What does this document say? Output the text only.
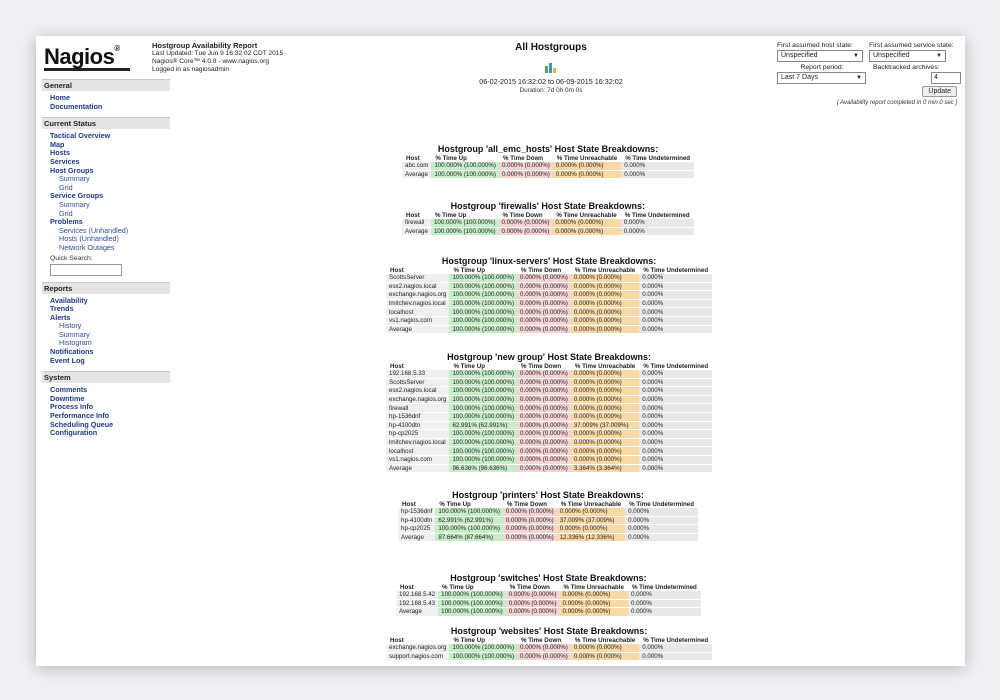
Nagios®
General
Home
Documentation
Current Status
Tactical Overview
Map
Hosts
Services
Host Groups
Summary
Grid
Service Groups
Summary
Grid
Problems
Services (Unhandled)
Hosts (Unhandled)
Network Outages
Quick Search:
Reports
Availability
Trends
Alerts
History
Summary
Histogram
Notifications
Event Log
System
Comments
Downtime
Process Info
Performance Info
Scheduling Queue
Configuration
Hostgroup Availability Report
Last Updated: Tue Jun 9 16:32:02 CDT 2015
Nagios® Core™ 4.0.8 - www.nagios.org
Logged in as nagiosadmin
All Hostgroups
06-02-2015 16:32:02 to 06-09-2015 16:32:02
Duration: 7d 0h 0m 0s
First assumed host state:
Unspecified	▼
First assumed service state:
Unspecified	▼
Report period:
Last 7 Days	▼
Backtracked archives:
4
Update
[ Availability report completed in 0 min 0 sec ]
Hostgroup 'all_emc_hosts' Host State Breakdowns:
Host	% Time Up	% Time Down	% Time Unreachable	% Time Undetermined
abc.com	100.000% (100.000%)	0.000% (0.000%)	0.000% (0.000%)	0.000%
Average	100.000% (100.000%)	0.000% (0.000%)	0.000% (0.000%)	0.000%
Hostgroup 'firewalls' Host State Breakdowns:
Host	% Time Up	% Time Down	% Time Unreachable	% Time Undetermined
firewall	100.000% (100.000%)	0.000% (0.000%)	0.000% (0.000%)	0.000%
Average	100.000% (100.000%)	0.000% (0.000%)	0.000% (0.000%)	0.000%
Hostgroup 'linux-servers' Host State Breakdowns:
Host	% Time Up	% Time Down	% Time Unreachable	% Time Undetermined
ScottsServer	100.000% (100.000%)	0.000% (0.000%)	0.000% (0.000%)	0.000%
esx2.nagios.local	100.000% (100.000%)	0.000% (0.000%)	0.000% (0.000%)	0.000%
exchange.nagios.org	100.000% (100.000%)	0.000% (0.000%)	0.000% (0.000%)	0.000%
lmitchev.nagios.local	100.000% (100.000%)	0.000% (0.000%)	0.000% (0.000%)	0.000%
localhost	100.000% (100.000%)	0.000% (0.000%)	0.000% (0.000%)	0.000%
vs1.nagios.com	100.000% (100.000%)	0.000% (0.000%)	0.000% (0.000%)	0.000%
Average	100.000% (100.000%)	0.000% (0.000%)	0.000% (0.000%)	0.000%
Hostgroup 'new group' Host State Breakdowns:
Host	% Time Up	% Time Down	% Time Unreachable	% Time Undetermined
192.168.5.33	100.000% (100.000%)	0.000% (0.000%)	0.000% (0.000%)	0.000%
ScottsServer	100.000% (100.000%)	0.000% (0.000%)	0.000% (0.000%)	0.000%
esx2.nagios.local	100.000% (100.000%)	0.000% (0.000%)	0.000% (0.000%)	0.000%
exchange.nagios.org	100.000% (100.000%)	0.000% (0.000%)	0.000% (0.000%)	0.000%
firewall	100.000% (100.000%)	0.000% (0.000%)	0.000% (0.000%)	0.000%
hp-1536dnf	100.000% (100.000%)	0.000% (0.000%)	0.000% (0.000%)	0.000%
hp-4100dtn	62.991% (62.991%)	0.000% (0.000%)	37.009% (37.009%)	0.000%
hp-cp2025	100.000% (100.000%)	0.000% (0.000%)	0.000% (0.000%)	0.000%
lmitchev.nagios.local	100.000% (100.000%)	0.000% (0.000%)	0.000% (0.000%)	0.000%
localhost	100.000% (100.000%)	0.000% (0.000%)	0.000% (0.000%)	0.000%
vs1.nagios.com	100.000% (100.000%)	0.000% (0.000%)	0.000% (0.000%)	0.000%
Average	96.636% (96.636%)	0.000% (0.000%)	3.364% (3.364%)	0.000%
Hostgroup 'printers' Host State Breakdowns:
Host	% Time Up	% Time Down	% Time Unreachable	% Time Undetermined
hp-1536dnf	100.000% (100.000%)	0.000% (0.000%)	0.000% (0.000%)	0.000%
hp-4100dtn	62.991% (62.991%)	0.000% (0.000%)	37.009% (37.009%)	0.000%
hp-cp2025	100.000% (100.000%)	0.000% (0.000%)	0.000% (0.000%)	0.000%
Average	87.664% (87.664%)	0.000% (0.000%)	12.336% (12.336%)	0.000%
Hostgroup 'switches' Host State Breakdowns:
Host	% Time Up	% Time Down	% Time Unreachable	% Time Undetermined
192.168.5.42	100.000% (100.000%)	0.000% (0.000%)	0.000% (0.000%)	0.000%
192.168.5.43	100.000% (100.000%)	0.000% (0.000%)	0.000% (0.000%)	0.000%
Average	100.000% (100.000%)	0.000% (0.000%)	0.000% (0.000%)	0.000%
Hostgroup 'websites' Host State Breakdowns:
Host	% Time Up	% Time Down	% Time Unreachable	% Time Undetermined
exchange.nagios.org	100.000% (100.000%)	0.000% (0.000%)	0.000% (0.000%)	0.000%
support.nagios.com	100.000% (100.000%)	0.000% (0.000%)	0.000% (0.000%)	0.000%
